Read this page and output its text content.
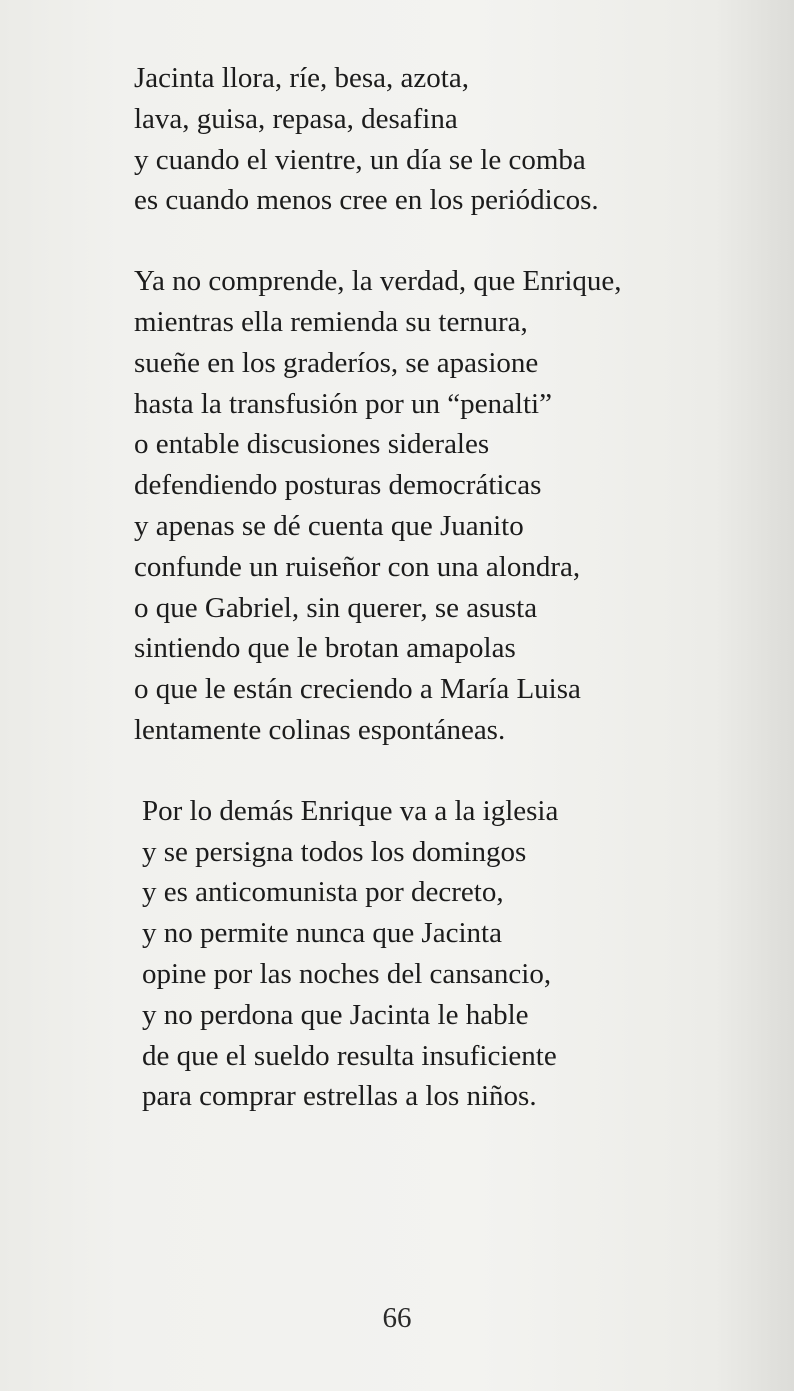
Jacinta llora, ríe, besa, azota,
lava, guisa, repasa, desafina
y cuando el vientre, un día se le comba
es cuando menos cree en los periódicos.

Ya no comprende, la verdad, que Enrique,
mientras ella remienda su ternura,
sueñe en los graderíos, se apasione
hasta la transfusión por un “penalti”
o entable discusiones siderales
defendiendo posturas democráticas
y apenas se dé cuenta que Juanito
confunde un ruiseñor con una alondra,
o que Gabriel, sin querer, se asusta
sintiendo que le brotan amapolas
o que le están creciendo a María Luisa
lentamente colinas espontáneas.

Por lo demás Enrique va a la iglesia
y se persigna todos los domingos
y es anticomunista por decreto,
y no permite nunca que Jacinta
opine por las noches del cansancio,
y no perdona que Jacinta le hable
de que el sueldo resulta insuficiente
para comprar estrellas a los niños.

66
